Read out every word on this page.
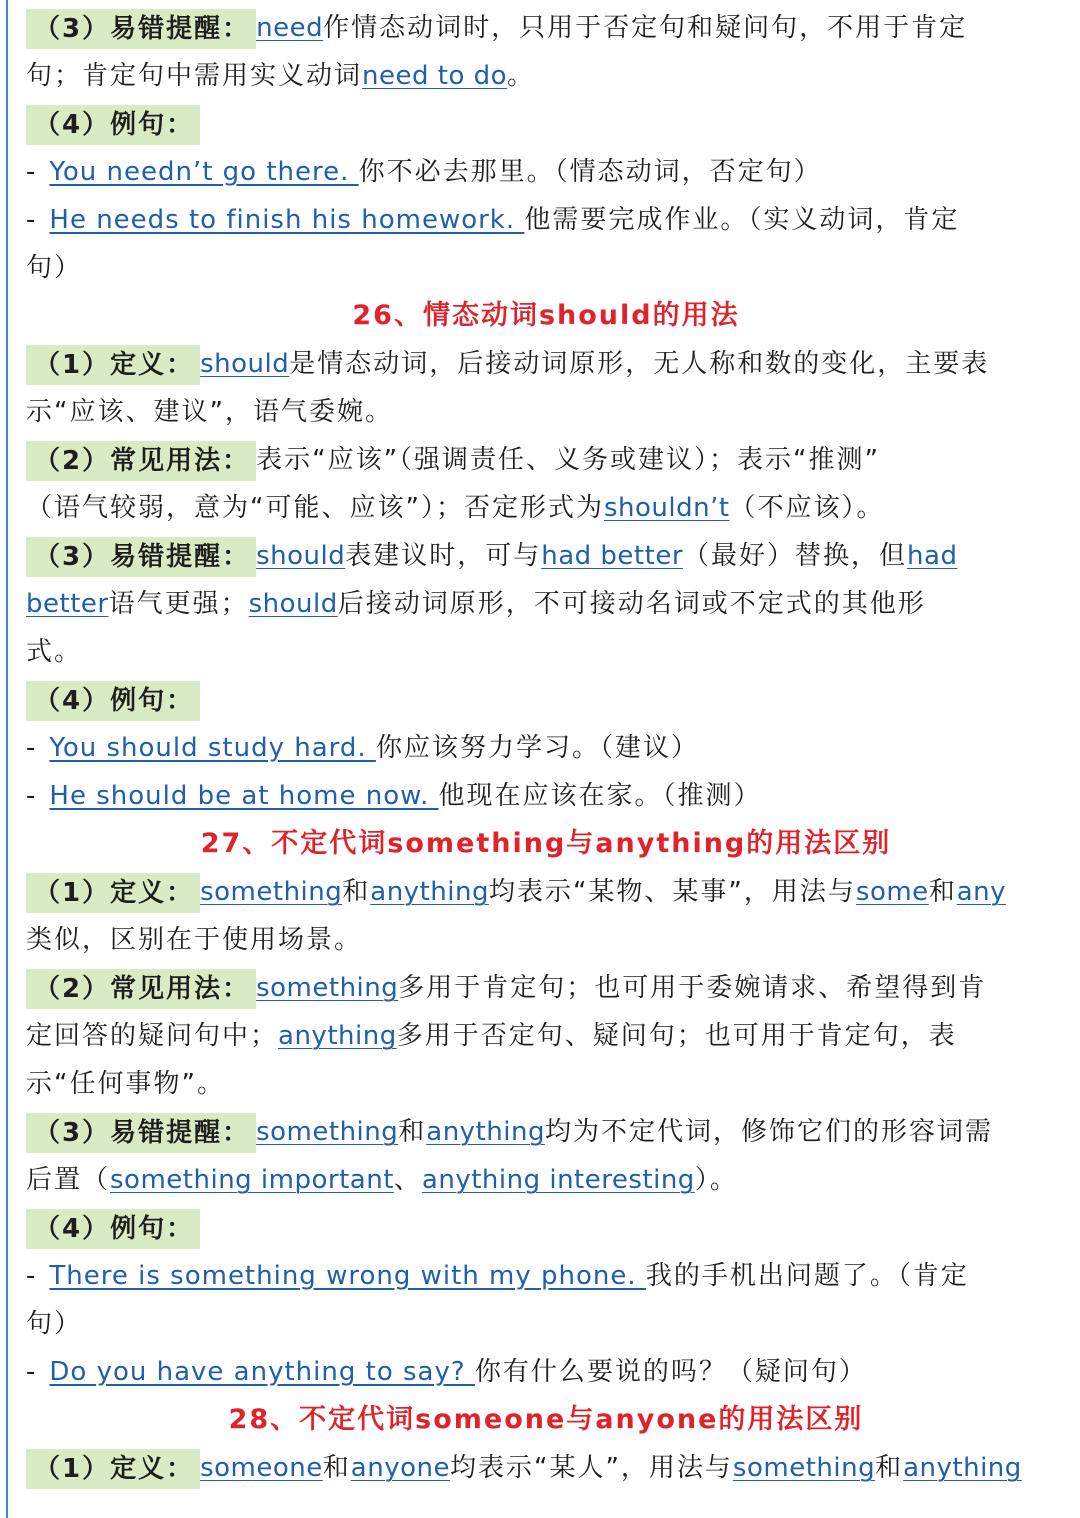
（3）易错提醒： need作情态动词时，只用于否定句和疑问句，不用于肯定
句；肯定句中需用实义动词need to do。
（4）例句：
- You needn’t go there. 你不必去那里。（情态动词，否定句）
- He needs to finish his homework. 他需要完成作业。（实义动词，肯定
句）
26、情态动词should的用法
（1）定义： should是情态动词，后接动词原形，无人称和数的变化，主要表
示“应该、建议”，语气委婉。
（2）常见用法： 表示“应该”（强调责任、义务或建议）；表示“推测”
（语气较弱，意为“可能、应该”）；否定形式为shouldn’t（不应该）。
（3）易错提醒： should表建议时，可与had better（最好）替换，但had
better语气更强；should后接动词原形，不可接动名词或不定式的其他形
式。
（4）例句：
- You should study hard. 你应该努力学习。（建议）
- He should be at home now. 他现在应该在家。（推测）
27、不定代词something与anything的用法区别
（1）定义： something和anything均表示“某物、某事”，用法与some和any
类似，区别在于使用场景。
（2）常见用法： something多用于肯定句；也可用于委婉请求、希望得到肯
定回答的疑问句中；anything多用于否定句、疑问句；也可用于肯定句，表
示“任何事物”。
（3）易错提醒： something和anything均为不定代词，修饰它们的形容词需
后置（something important、anything interesting）。
（4）例句：
- There is something wrong with my phone. 我的手机出问题了。（肯定
句）
- Do you have anything to say? 你有什么要说的吗？（疑问句）
28、不定代词someone与anyone的用法区别
（1）定义： someone和anyone均表示“某人”，用法与something和anything
